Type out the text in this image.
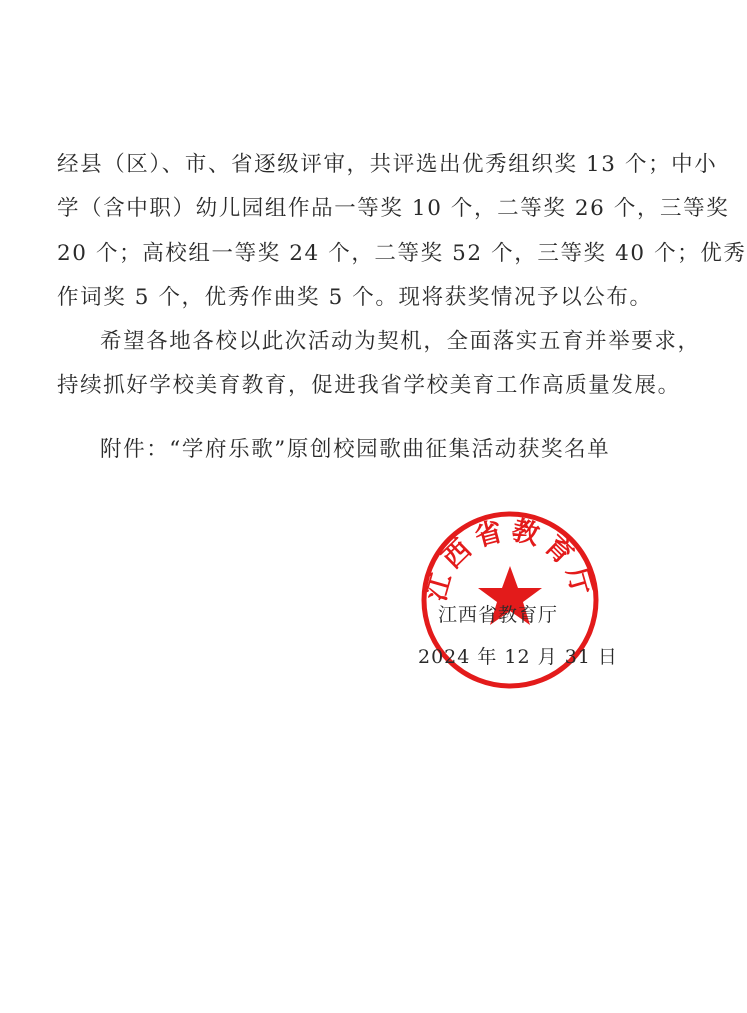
经县（区）、市、省逐级评审，共评选出优秀组织奖 13 个；中小
学（含中职）幼儿园组作品一等奖 10 个，二等奖 26 个，三等奖
20 个；高校组一等奖 24 个，二等奖 52 个，三等奖 40 个；优秀
作词奖 5 个，优秀作曲奖 5 个。现将获奖情况予以公布。
希望各地各校以此次活动为契机，全面落实五育并举要求，
持续抓好学校美育教育，促进我省学校美育工作高质量发展。
附件：“学府乐歌”原创校园歌曲征集活动获奖名单
江西省教育厅
江西省教育厅
2024 年 12 月 31 日
